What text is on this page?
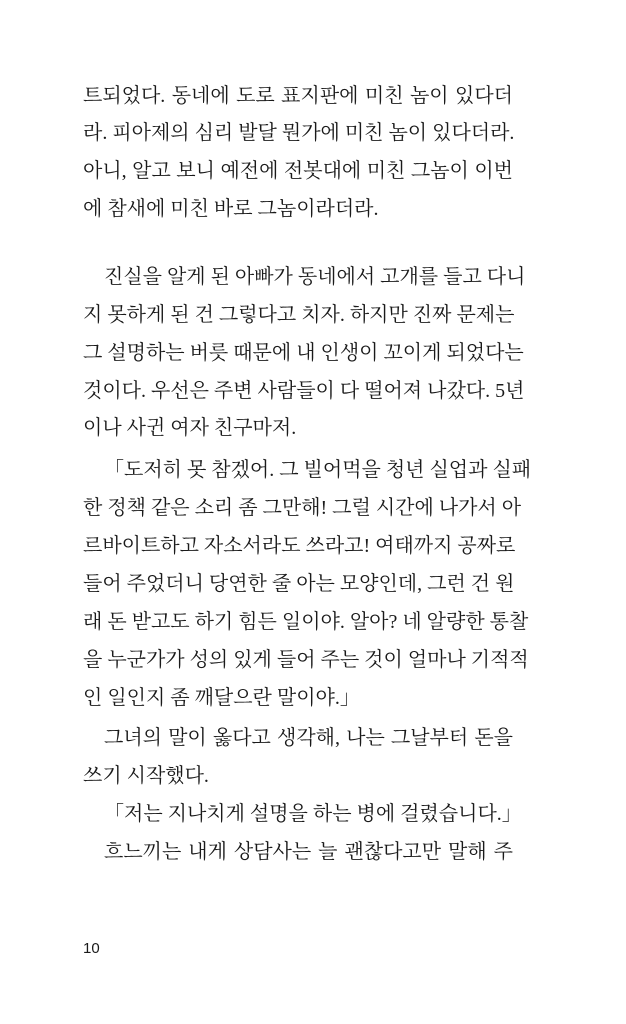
트되었다. 동네에 도로 표지판에 미친 놈이 있다더
라. 피아제의 심리 발달 뭔가에 미친 놈이 있다더라.
아니, 알고 보니 예전에 전봇대에 미친 그놈이 이번
에 참새에 미친 바로 그놈이라더라.
진실을 알게 된 아빠가 동네에서 고개를 들고 다니
지 못하게 된 건 그렇다고 치자. 하지만 진짜 문제는
그 설명하는 버릇 때문에 내 인생이 꼬이게 되었다는
것이다. 우선은 주변 사람들이 다 떨어져 나갔다. 5년
이나 사귄 여자 친구마저.
「도저히 못 참겠어. 그 빌어먹을 청년 실업과 실패
한 정책 같은 소리 좀 그만해! 그럴 시간에 나가서 아
르바이트하고 자소서라도 쓰라고! 여태까지 공짜로
들어 주었더니 당연한 줄 아는 모양인데, 그런 건 원
래 돈 받고도 하기 힘든 일이야. 알아? 네 알량한 통찰
을 누군가가 성의 있게 들어 주는 것이 얼마나 기적적
인 일인지 좀 깨달으란 말이야.」
그녀의 말이 옳다고 생각해, 나는 그날부터 돈을
쓰기 시작했다.
「저는 지나치게 설명을 하는 병에 걸렸습니다.」
흐느끼는 내게 상담사는 늘 괜찮다고만 말해 주
10
